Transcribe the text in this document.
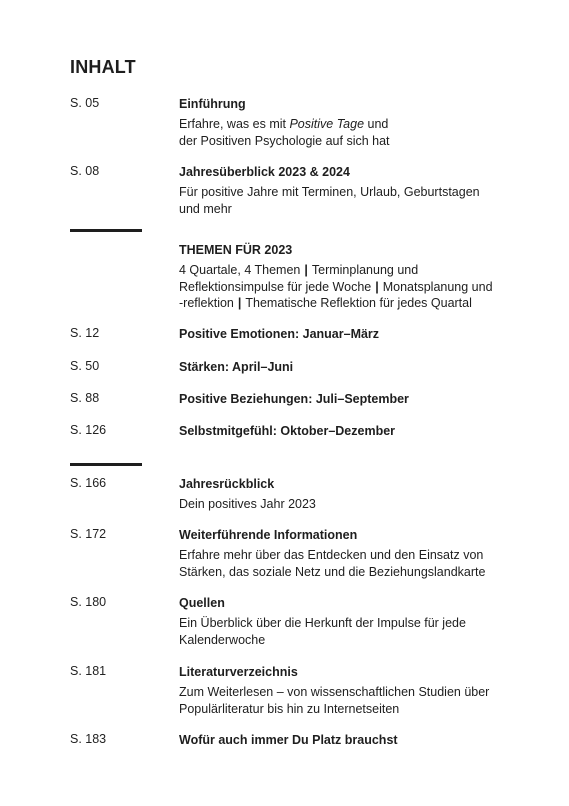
INHALT
S. 05	Einführung
Erfahre, was es mit Positive Tage und
der Positiven Psychologie auf sich hat
S. 08	Jahresüberblick 2023 & 2024
Für positive Jahre mit Terminen, Urlaub, Geburtstagen
und mehr
THEMEN FÜR 2023
4 Quartale, 4 Themen | Terminplanung und
Reflektionsimpulse für jede Woche | Monatsplanung und
-reflektion | Thematische Reflektion für jedes Quartal
S. 12	Positive Emotionen: Januar–März
S. 50	Stärken: April–Juni
S. 88	Positive Beziehungen: Juli–September
S. 126	Selbstmitgefühl: Oktober–Dezember
S. 166	Jahresrückblick
Dein positives Jahr 2023
S. 172	Weiterführende Informationen
Erfahre mehr über das Entdecken und den Einsatz von
Stärken, das soziale Netz und die Beziehungslandkarte
S. 180	Quellen
Ein Überblick über die Herkunft der Impulse für jede
Kalenderwoche
S. 181	Literaturverzeichnis
Zum Weiterlesen – von wissenschaftlichen Studien über
Populärliteratur bis hin zu Internetseiten
S. 183	Wofür auch immer Du Platz brauchst
